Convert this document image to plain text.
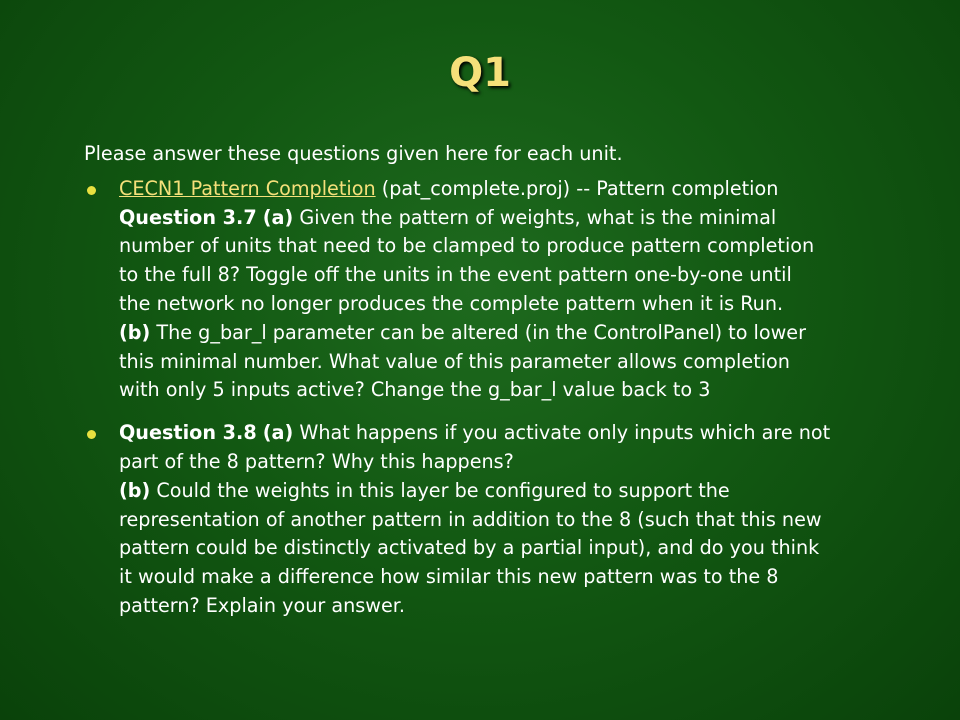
Q1

Please answer these questions given here for each unit.

CECN1 Pattern Completion (pat_complete.proj) -- Pattern completion
Question 3.7 (a) Given the pattern of weights, what is the minimal
number of units that need to be clamped to produce pattern completion
to the full 8? Toggle off the units in the event pattern one-by-one until
the network no longer produces the complete pattern when it is Run.
(b) The g_bar_l parameter can be altered (in the ControlPanel) to lower
this minimal number. What value of this parameter allows completion
with only 5 inputs active? Change the g_bar_l value back to 3
Question 3.8 (a) What happens if you activate only inputs which are not
part of the 8 pattern? Why this happens?
(b) Could the weights in this layer be configured to support the
representation of another pattern in addition to the 8 (such that this new
pattern could be distinctly activated by a partial input), and do you think
it would make a difference how similar this new pattern was to the 8
pattern? Explain your answer.
